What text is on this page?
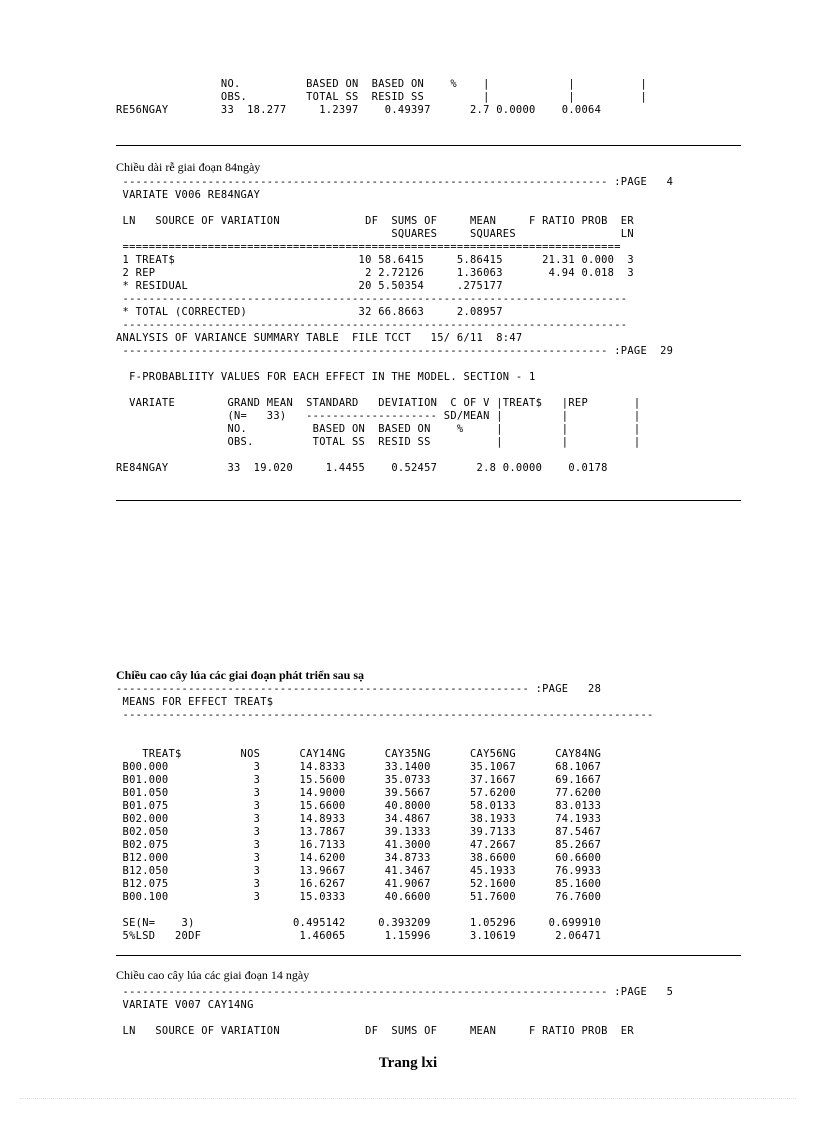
NO.          BASED ON  BASED ON    %    |            |          |
OBS.         TOTAL SS  RESID SS         |            |          |
RE56NGAY        33  18.277     1.2397    0.49397      2.7 0.0000    0.0064
Chiều dài rễ giai đoạn 84ngày
-------------------------------------------------------------------------- :PAGE   4
VARIATE V006 RE84NGAY

LN   SOURCE OF VARIATION             DF  SUMS OF     MEAN     F RATIO PROB  ER
SQUARES     SQUARES                LN
============================================================================
1 TREAT$                            10 58.6415     5.86415      21.31 0.000  3
2 REP                                2 2.72126     1.36063       4.94 0.018  3
* RESIDUAL                          20 5.50354     .275177
-----------------------------------------------------------------------------
* TOTAL (CORRECTED)                 32 66.8663     2.08957
-----------------------------------------------------------------------------
ANALYSIS OF VARIANCE SUMMARY TABLE  FILE TCCT   15/ 6/11  8:47
-------------------------------------------------------------------------- :PAGE  29

F-PROBABLIITY VALUES FOR EACH EFFECT IN THE MODEL. SECTION - 1

VARIATE        GRAND MEAN  STANDARD   DEVIATION  C OF V |TREAT$   |REP       |
(N=   33)   -------------------- SD/MEAN |         |          |
NO.          BASED ON  BASED ON    %     |         |          |
OBS.         TOTAL SS  RESID SS          |         |          |

RE84NGAY         33  19.020     1.4455    0.52457      2.8 0.0000    0.0178
Chiều cao cây lúa các giai đoạn phát triển sau sạ
--------------------------------------------------------------- :PAGE   28
MEANS FOR EFFECT TREAT$
---------------------------------------------------------------------------------

TREAT$         NOS      CAY14NG      CAY35NG      CAY56NG      CAY84NG
B00.000             3      14.8333      33.1400      35.1067      68.1067
B01.000             3      15.5600      35.0733      37.1667      69.1667
B01.050             3      14.9000      39.5667      57.6200      77.6200
B01.075             3      15.6600      40.8000      58.0133      83.0133
B02.000             3      14.8933      34.4867      38.1933      74.1933
B02.050             3      13.7867      39.1333      39.7133      87.5467
B02.075             3      16.7133      41.3000      47.2667      85.2667
B12.000             3      14.6200      34.8733      38.6600      60.6600
B12.050             3      13.9667      41.3467      45.1933      76.9933
B12.075             3      16.6267      41.9067      52.1600      85.1600
B00.100             3      15.0333      40.6600      51.7600      76.7600

SE(N=    3)               0.495142     0.393209      1.05296     0.699910
5%LSD   20DF               1.46065      1.15996      3.10619      2.06471
Chiều cao cây lúa các giai đoạn 14 ngày
-------------------------------------------------------------------------- :PAGE   5
VARIATE V007 CAY14NG

LN   SOURCE OF VARIATION             DF  SUMS OF     MEAN     F RATIO PROB  ER
Trang lxi
